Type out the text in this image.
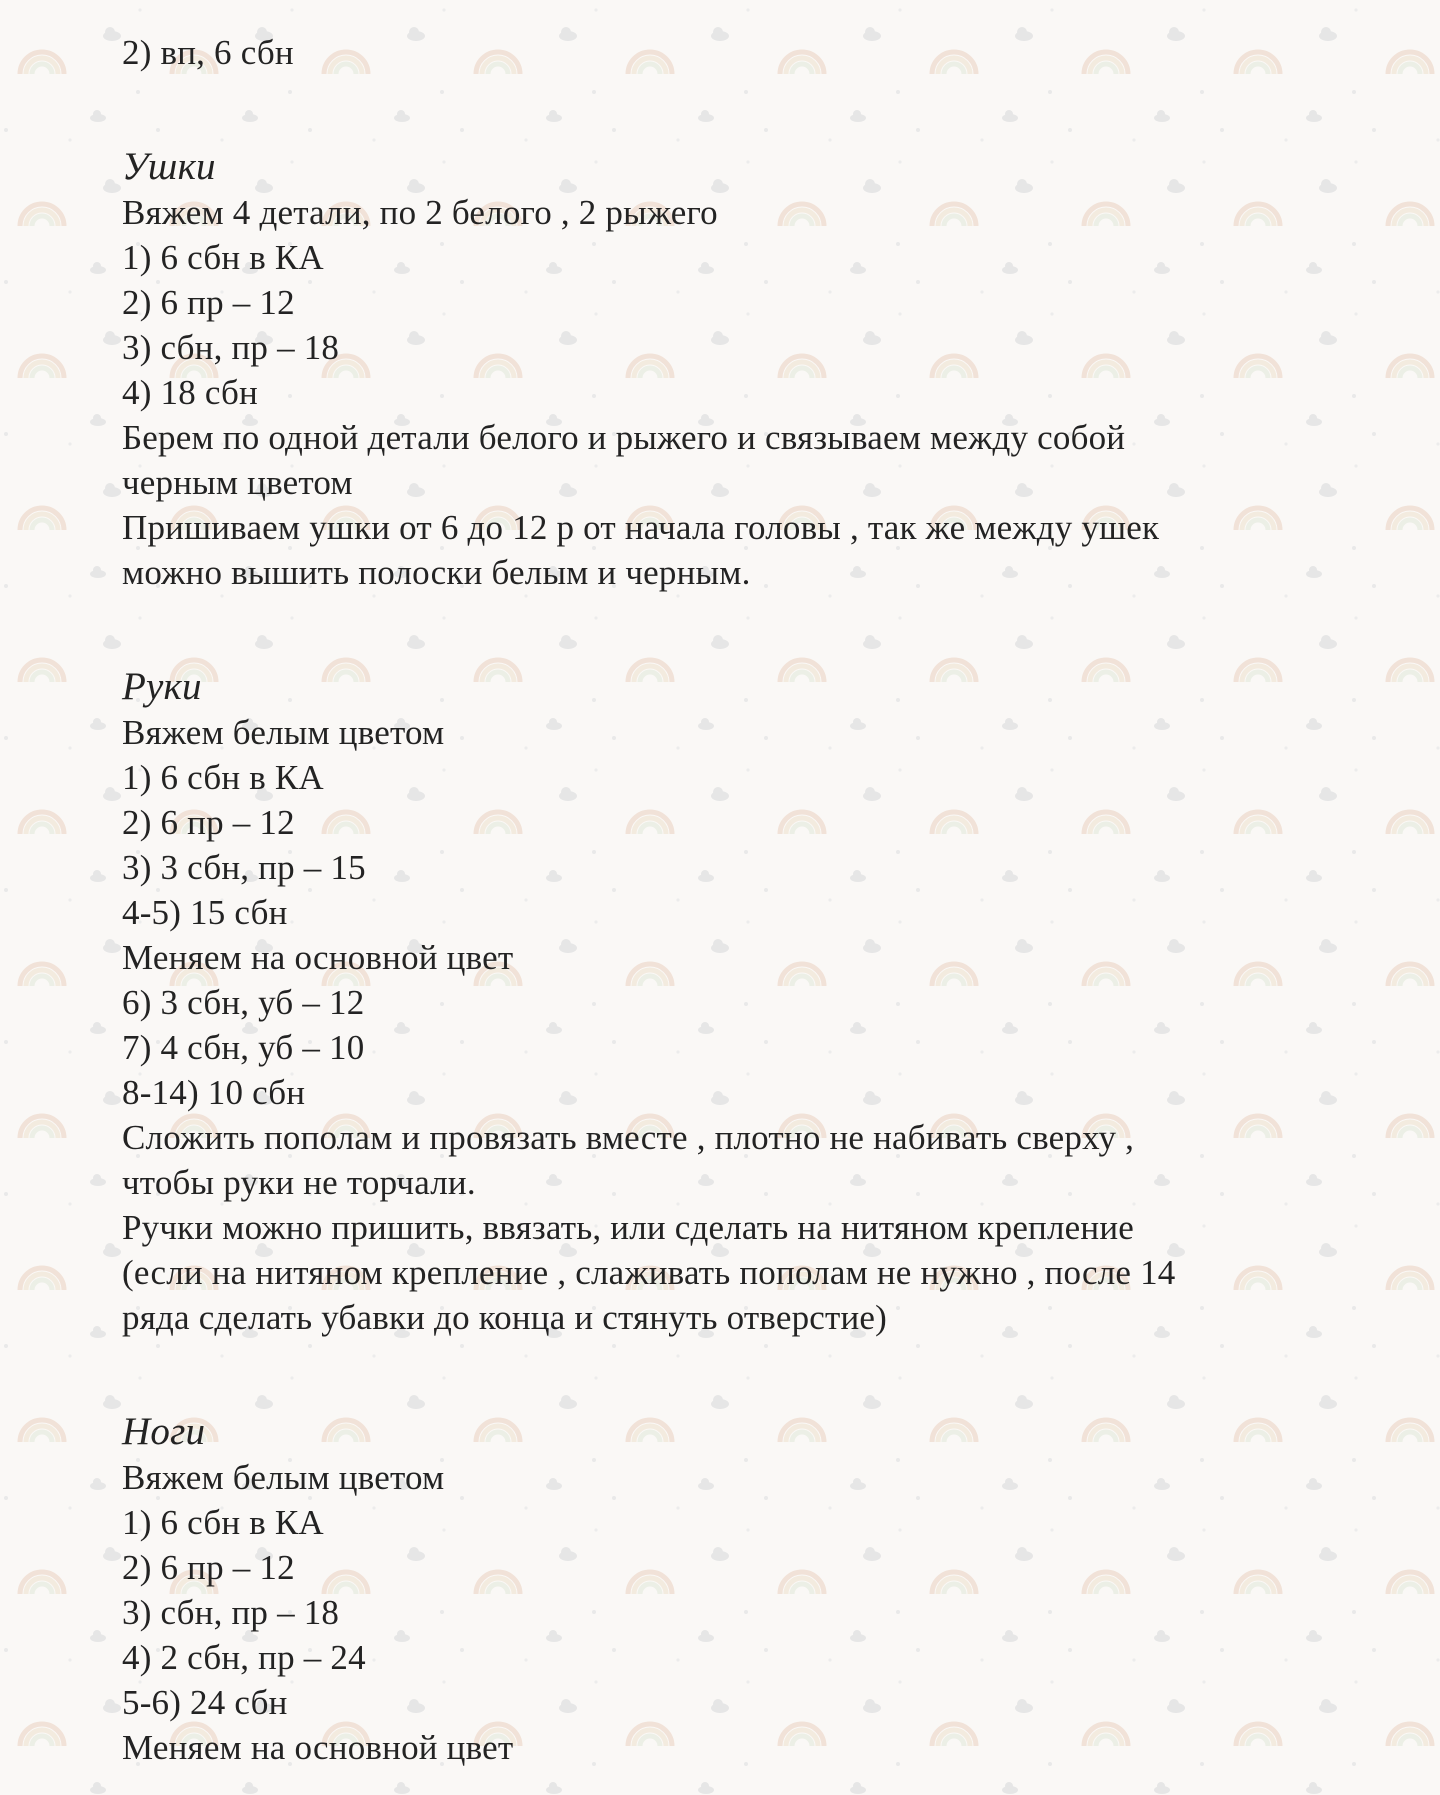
2) вп, 6 сбн
Ушки
Вяжем 4 детали, по 2 белого , 2 рыжего
1) 6 сбн в КА
2) 6 пр – 12
3) сбн, пр – 18
4) 18 сбн
Берем по одной детали белого и рыжего и связываем между собой
черным цветом
Пришиваем ушки от 6 до 12 р от начала головы , так же между ушек
можно вышить полоски белым и черным.
Руки
Вяжем белым цветом
1) 6 сбн в КА
2) 6 пр – 12
3) 3 сбн, пр – 15
4-5) 15 сбн
Меняем на основной цвет
6) 3 сбн, уб – 12
7) 4 сбн, уб – 10
8-14) 10 сбн
Сложить пополам и провязать вместе , плотно не набивать сверху ,
чтобы руки не торчали.
Ручки можно пришить, ввязать, или сделать на нитяном крепление
(если на нитяном крепление , слаживать пополам не нужно , после 14
ряда сделать убавки до конца и стянуть отверстие)
Ноги
Вяжем белым цветом
1) 6 сбн в КА
2) 6 пр – 12
3) сбн, пр – 18
4) 2 сбн, пр – 24
5-6) 24 сбн
Меняем на основной цвет
